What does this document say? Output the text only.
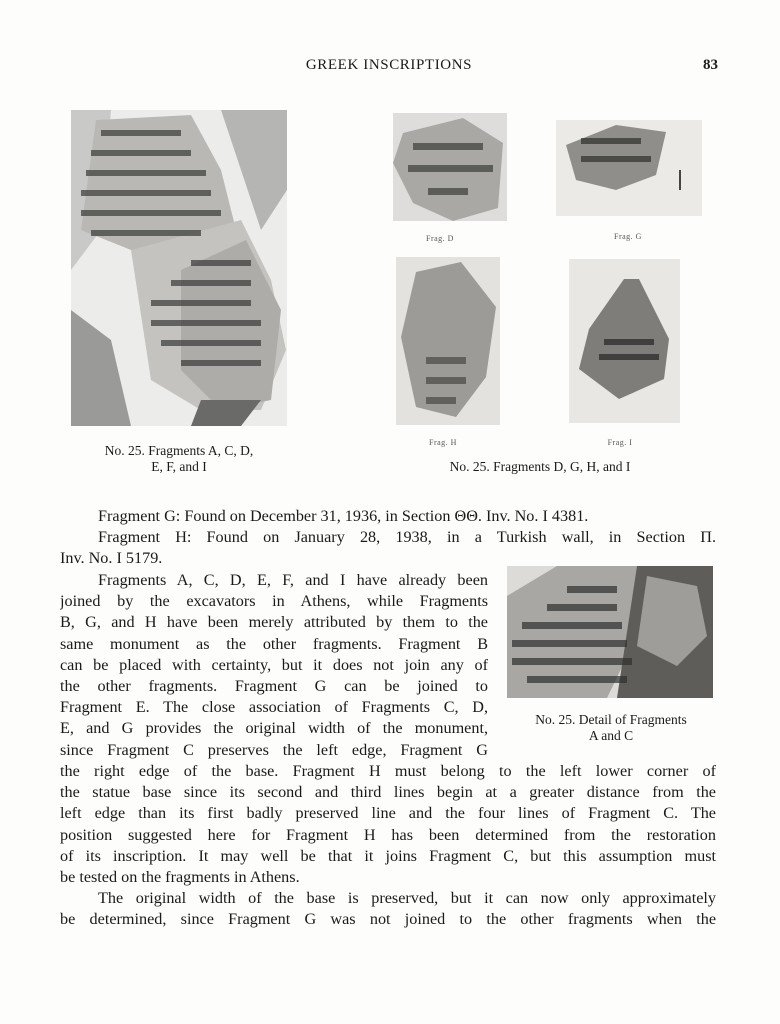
GREEK INSCRIPTIONS	83
No. 25. Fragments A, C, D,
E, F, and I
Frag. D	Frag. G
Frag. H	Frag. I
No. 25. Fragments D, G, H, and I
No. 25. Detail of Fragments
A and C
Fragment G: Found on December 31, 1936, in Section ΘΘ. Inv. No. I 4381.
Fragment H: Found on January 28, 1938, in a Turkish wall, in Section Π.
Inv. No. I 5179.
Fragments A, C, D, E, F, and I have already been
joined by the excavators in Athens, while Fragments
B, G, and H have been merely attributed by them to the
same monument as the other fragments. Fragment B
can be placed with certainty, but it does not join any of
the other fragments. Fragment G can be joined to
Fragment E. The close association of Fragments C, D,
E, and G provides the original width of the monument,
since Fragment C preserves the left edge, Fragment G
the right edge of the base. Fragment H must belong to the left lower corner of
the statue base since its second and third lines begin at a greater distance from the
left edge than its first badly preserved line and the four lines of Fragment C. The
position suggested here for Fragment H has been determined from the restoration
of its inscription. It may well be that it joins Fragment C, but this assumption must
be tested on the fragments in Athens.
The original width of the base is preserved, but it can now only approximately
be determined, since Fragment G was not joined to the other fragments when the
